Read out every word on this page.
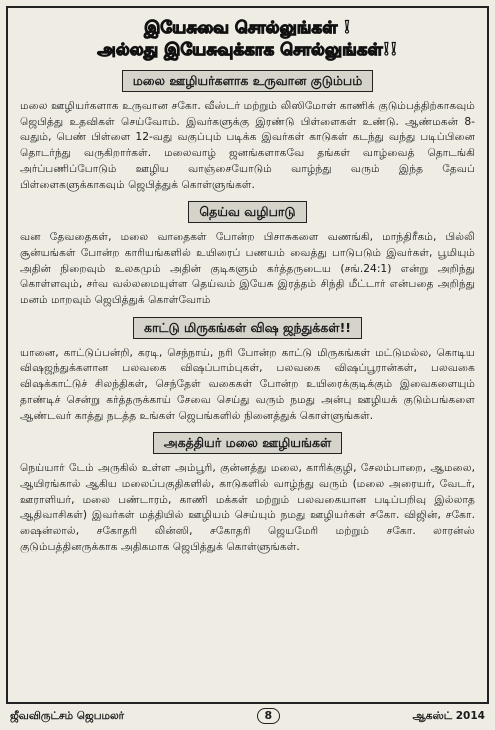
இயேசுவை சொல்லுங்கள் !
அல்லது இயேசுவுக்காக சொல்லுங்கள்!!
மலை ஊழியர்களாக உருவான குடும்பம்
மலை ஊழியர்களாக உருவான சகோ. வீஸ்டர் மற்றும் லிஸிமோள் காணிக் குடும்பத்திற்காகவும் ஜெபித்து உதவிகள் செய்வோம். இவர்களுக்கு இரண்டு பிள்ளைகள் உண்டு. ஆண்மகன் 8-வதும், பெண் பிள்ளை 12-வது வகுப்பும் படிக்க இவர்கள் காடுகள் கடந்து வந்து படிப்பினை தொடர்ந்து வருகிறார்கள். மலைவாழ் ஜனங்களாகவே தங்கள் வாழ்வைத் தொடங்கி அர்ப்பணிப்போடும் ஊழிய வாஞ்சையோடும் வாழ்ந்து வரும் இந்த தேவப் பிள்ளைகளுக்காகவும் ஜெபித்துக் கொள்ளுங்கள்.
தெய்வ வழிபாடு
வன தேவதைகள், மலை வாதைகள் போன்ற பிசாசுகளை வணங்கி, மாந்திரீகம், பில்லி சூன்யங்கள் போன்ற காரியங்களில் உயிரைப் பணயம் வைத்து பாடுபடும் இவர்கள், பூமியும் அதின் நிறைவும் உலகமும் அதின் குடிகளும் கர்த்தருடைய (சங்.24:1) என்று அறிந்து கொள்ளவும், சர்வ வல்லமையுள்ள தெய்வம் இயேசு இரத்தம் சிந்தி மீட்டார் என்பதை அறிந்து மனம் மாறவும் ஜெபித்துக் கொள்வோம்
காட்டு மிருகங்கள் விஷ ஜந்துக்கள்!!
யானை, காட்டுப்பன்றி, கரடி, செந்நாய், நரி போன்ற காட்டு மிருகங்கள் மட்டுமல்ல, கொடிய விஷஜந்துக்களான பலவகை விஷப்பாம்புகள், பலவகை விஷப்பூரான்கள், பலவகை விஷக்காட்டுச் சிலந்திகள், செந்தேள் வகைகள் போன்ற உயிரைக்குடிக்கும் இவைகளையும் தாண்டிச் சென்று கர்த்தருக்காய் சேவை செய்து வரும் நமது அன்பு ஊழியக் குடும்பங்களை ஆண்டவர் காத்து நடத்த உங்கள் ஜெபங்களில் நினைத்துக் கொள்ளுங்கள்.
அகத்தியர் மலை ஊழியங்கள்
நெய்யார் டேம் அருகில் உள்ள அம்பூரி, குன்னத்து மலை, காரிக்குழி, சேலம்பாறை, ஆமலை, ஆயிரங்கால் ஆகிய மலைப்பகுதிகளில், காடுகளில் வாழ்ந்து வரும் (மலை அரையர், வேடர், ஊராளியர், மலை பண்டாரம், காணி மக்கள் மற்றும் பலவகையான படிப்பறிவு இல்லாத ஆதிவாசிகள்) இவர்கள் மத்தியில் ஊழியம் செய்யும் நமது ஊழியர்கள் சகோ. விஜின், சகோ. ஷைன்லால், சகோதரி லின்ஸி, சகோதரி ஜெயமேரி மற்றும் சகோ. லாரன்ஸ் குடும்பத்தினருக்காக அதிகமாக ஜெபித்துக் கொள்ளுங்கள்.
ஜீவவிருட்சம் ஜெபமலர்	8	ஆகஸ்ட் 2014
